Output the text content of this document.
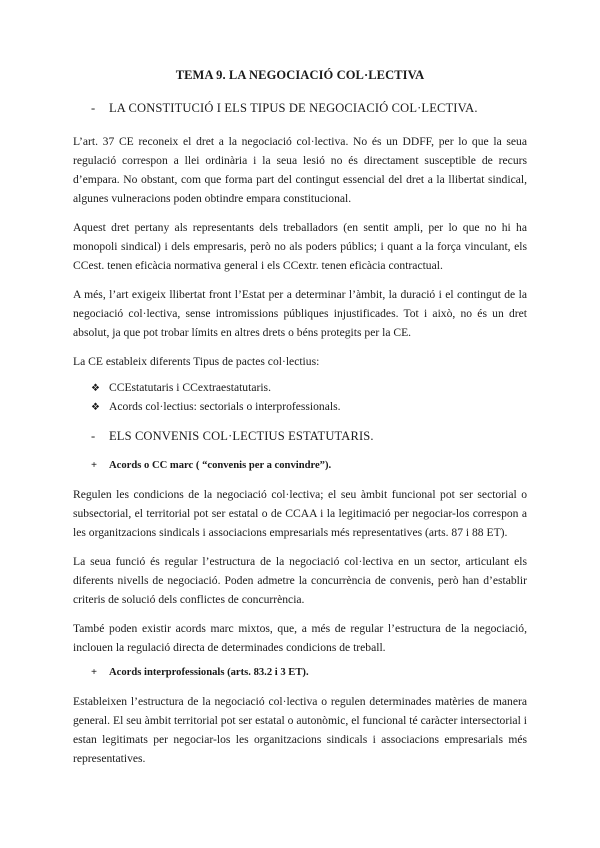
TEMA 9. LA NEGOCIACIÓ COL·LECTIVA
-	LA CONSTITUCIÓ I ELS TIPUS DE NEGOCIACIÓ COL·LECTIVA.

L’art. 37 CE reconeix el dret a la negociació col·lectiva. No és un DDFF, per lo que la seua regulació correspon a llei ordinària i la seua lesió no és directament susceptible de recurs d’empara. No obstant, com que forma part del contingut essencial del dret a la llibertat sindical, algunes vulneracions poden obtindre empara constitucional.

Aquest dret pertany als representants dels treballadors (en sentit ampli, per lo que no hi ha monopoli sindical) i dels empresaris, però no als poders públics; i quant a la força vinculant, els CCest. tenen eficàcia normativa general i els CCextr. tenen eficàcia contractual.

A més, l’art exigeix llibertat front l’Estat per a determinar l’àmbit, la duració i el contingut de la negociació col·lectiva, sense intromissions públiques injustificades. Tot i això, no és un dret absolut, ja que pot trobar límits en altres drets o béns protegits per la CE.

La CE estableix diferents Tipus de pactes col·lectius:

❖ CCEstatutaris i CCextraestatutaris.
❖ Acords col·lectius: sectorials o interprofessionals.
-	ELS CONVENIS COL·LECTIUS ESTATUTARIS.
+	Acords o CC marc ( “convenis per a convindre”).

Regulen les condicions de la negociació col·lectiva; el seu àmbit funcional pot ser sectorial o subsectorial, el territorial pot ser estatal o de CCAA i la legitimació per negociar-los correspon a les organitzacions sindicals i associacions empresarials més representatives (arts. 87 i 88 ET).

La seua funció és regular l’estructura de la negociació col·lectiva en un sector, articulant els diferents nivells de negociació. Poden admetre la concurrència de convenis, però han d’establir criteris de solució dels conflictes de concurrència.

També poden existir acords marc mixtos, que, a més de regular l’estructura de la negociació, inclouen la regulació directa de determinades condicions de treball.

+	Acords interprofessionals (arts. 83.2 i 3 ET).

Estableixen l’estructura de la negociació col·lectiva o regulen determinades matèries de manera general. El seu àmbit territorial pot ser estatal o autonòmic, el funcional té caràcter intersectorial i estan legitimats per negociar-los les organitzacions sindicals i associacions empresarials més representatives.
